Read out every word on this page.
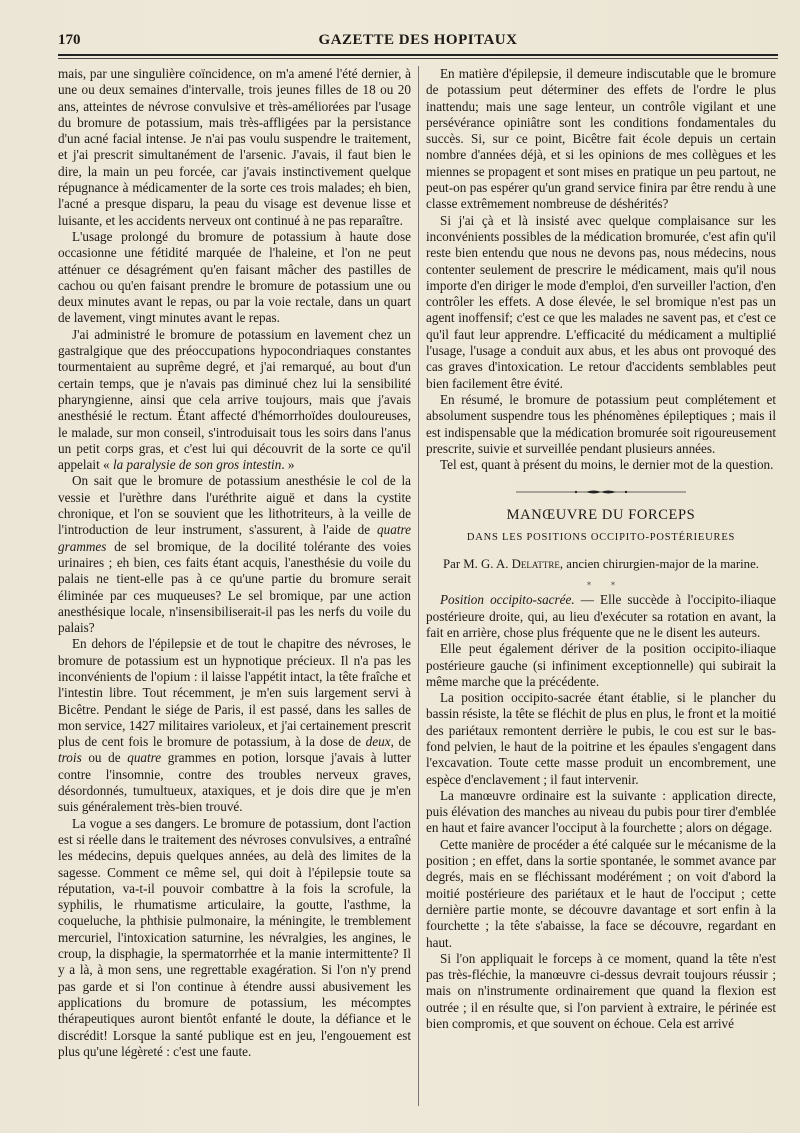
170	GAZETTE DES HOPITAUX

mais, par une singulière coïncidence, on m'a amené l'été dernier, à une ou deux semaines d'intervalle, trois jeunes filles de 18 ou 20 ans, atteintes de névrose convulsive et très-améliorées par l'usage du bromure de potassium, mais très-affligées par la persistance d'un acné facial intense. Je n'ai pas voulu suspendre le traitement, et j'ai prescrit simultanément de l'arsenic. J'avais, il faut bien le dire, la main un peu forcée, car j'avais instinctivement quelque répugnance à médicamenter de la sorte ces trois malades; eh bien, l'acné a presque disparu, la peau du visage est devenue lisse et luisante, et les accidents nerveux ont continué à ne pas reparaître.

L'usage prolongé du bromure de potassium à haute dose occasionne une fétidité marquée de l'haleine, et l'on ne peut atténuer ce désagrément qu'en faisant mâcher des pastilles de cachou ou qu'en faisant prendre le bromure de potassium une ou deux minutes avant le repas, ou par la voie rectale, dans un quart de lavement, vingt minutes avant le repas.

J'ai administré le bromure de potassium en lavement chez un gastralgique que des préoccupations hypocondriaques constantes tourmentaient au suprême degré, et j'ai remarqué, au bout d'un certain temps, que je n'avais pas diminué chez lui la sensibilité pharyngienne, ainsi que cela arrive toujours, mais que j'avais anesthésié le rectum. Étant affecté d'hémorrhoïdes douloureuses, le malade, sur mon conseil, s'introduisait tous les soirs dans l'anus un petit corps gras, et c'est lui qui découvrit de la sorte ce qu'il appelait « la paralysie de son gros intestin. »

On sait que le bromure de potassium anesthésie le col de la vessie et l'urèthre dans l'uréthrite aiguë et dans la cystite chronique, et l'on se souvient que les lithotriteurs, à la veille de l'introduction de leur instrument, s'assurent, à l'aide de quatre grammes de sel bromique, de la docilité tolérante des voies urinaires ; eh bien, ces faits étant acquis, l'anesthésie du voile du palais ne tient-elle pas à ce qu'une partie du bromure serait éliminée par ces muqueuses? Le sel bromique, par une action anesthésique locale, n'insensibiliserait-il pas les nerfs du voile du palais?

En dehors de l'épilepsie et de tout le chapitre des névroses, le bromure de potassium est un hypnotique précieux. Il n'a pas les inconvénients de l'opium : il laisse l'appétit intact, la tête fraîche et l'intestin libre. Tout récemment, je m'en suis largement servi à Bicêtre. Pendant le siége de Paris, il est passé, dans les salles de mon service, 1427 militaires varioleux, et j'ai certainement prescrit plus de cent fois le bromure de potassium, à la dose de deux, de trois ou de quatre grammes en potion, lorsque j'avais à lutter contre l'insomnie, contre des troubles nerveux graves, désordonnés, tumultueux, ataxiques, et je dois dire que je m'en suis généralement très-bien trouvé.

La vogue a ses dangers. Le bromure de potassium, dont l'action est si réelle dans le traitement des névroses convulsives, a entraîné les médecins, depuis quelques années, au delà des limites de la sagesse. Comment ce même sel, qui doit à l'épilepsie toute sa réputation, va-t-il pouvoir combattre à la fois la scrofule, la syphilis, le rhumatisme articulaire, la goutte, l'asthme, la coqueluche, la phthisie pulmonaire, la méningite, le tremblement mercuriel, l'intoxication saturnine, les névralgies, les angines, le croup, la disphagie, la spermatorrhée et la manie intermittente? Il y a là, à mon sens, une regrettable exagération. Si l'on n'y prend pas garde et si l'on continue à étendre aussi abusivement les applications du bromure de potassium, les mécomptes thérapeutiques auront bientôt enfanté le doute, la défiance et le discrédit! Lorsque la santé publique est en jeu, l'engouement est plus qu'une légèreté : c'est une faute.

En matière d'épilepsie, il demeure indiscutable que le bromure de potassium peut déterminer des effets de l'ordre le plus inattendu; mais une sage lenteur, un contrôle vigilant et une persévérance opiniâtre sont les conditions fondamentales du succès. Si, sur ce point, Bicêtre fait école depuis un certain nombre d'années déjà, et si les opinions de mes collègues et les miennes se propagent et sont mises en pratique un peu partout, ne peut-on pas espérer qu'un grand service finira par être rendu à une classe extrêmement nombreuse de déshérités?

Si j'ai çà et là insisté avec quelque complaisance sur les inconvénients possibles de la médication bromurée, c'est afin qu'il reste bien entendu que nous ne devons pas, nous médecins, nous contenter seulement de prescrire le médicament, mais qu'il nous importe d'en diriger le mode d'emploi, d'en surveiller l'action, d'en contrôler les effets. A dose élevée, le sel bromique n'est pas un agent inoffensif; c'est ce que les malades ne savent pas, et c'est ce qu'il faut leur apprendre. L'efficacité du médicament a multiplié l'usage, l'usage a conduit aux abus, et les abus ont provoqué des cas graves d'intoxication. Le retour d'accidents semblables peut bien facilement être évité.

En résumé, le bromure de potassium peut complétement et absolument suspendre tous les phénomènes épileptiques ; mais il est indispensable que la médication bromurée soit rigoureusement prescrite, suivie et surveillée pendant plusieurs années.

Tel est, quant à présent du moins, le dernier mot de la question.

MANŒUVRE DU FORCEPS
DANS LES POSITIONS OCCIPITO-POSTÉRIEURES
Par M. G. A. Delattre, ancien chirurgien-major de la marine.
*	*

Position occipito-sacrée. — Elle succède à l'occipito-iliaque postérieure droite, qui, au lieu d'exécuter sa rotation en avant, la fait en arrière, chose plus fréquente que ne le disent les auteurs.

Elle peut également dériver de la position occipito-iliaque postérieure gauche (si infiniment exceptionnelle) qui subirait la même marche que la précédente.

La position occipito-sacrée étant établie, si le plancher du bassin résiste, la tête se fléchit de plus en plus, le front et la moitié des pariétaux remontent derrière le pubis, le cou est sur le bas-fond pelvien, le haut de la poitrine et les épaules s'engagent dans l'excavation. Toute cette masse produit un encombrement, une espèce d'enclavement ; il faut intervenir.

La manœuvre ordinaire est la suivante : application directe, puis élévation des manches au niveau du pubis pour tirer d'emblée en haut et faire avancer l'occiput à la fourchette ; alors on dégage.

Cette manière de procéder a été calquée sur le mécanisme de la position ; en effet, dans la sortie spontanée, le sommet avance par degrés, mais en se fléchissant modérément ; on voit d'abord la moitié postérieure des pariétaux et le haut de l'occiput ; cette dernière partie monte, se découvre davantage et sort enfin à la fourchette ; la tête s'abaisse, la face se découvre, regardant en haut.

Si l'on appliquait le forceps à ce moment, quand la tête n'est pas très-fléchie, la manœuvre ci-dessus devrait toujours réussir ; mais on n'instrumente ordinairement que quand la flexion est outrée ; il en résulte que, si l'on parvient à extraire, le périnée est bien compromis, et que souvent on échoue. Cela est arrivé
